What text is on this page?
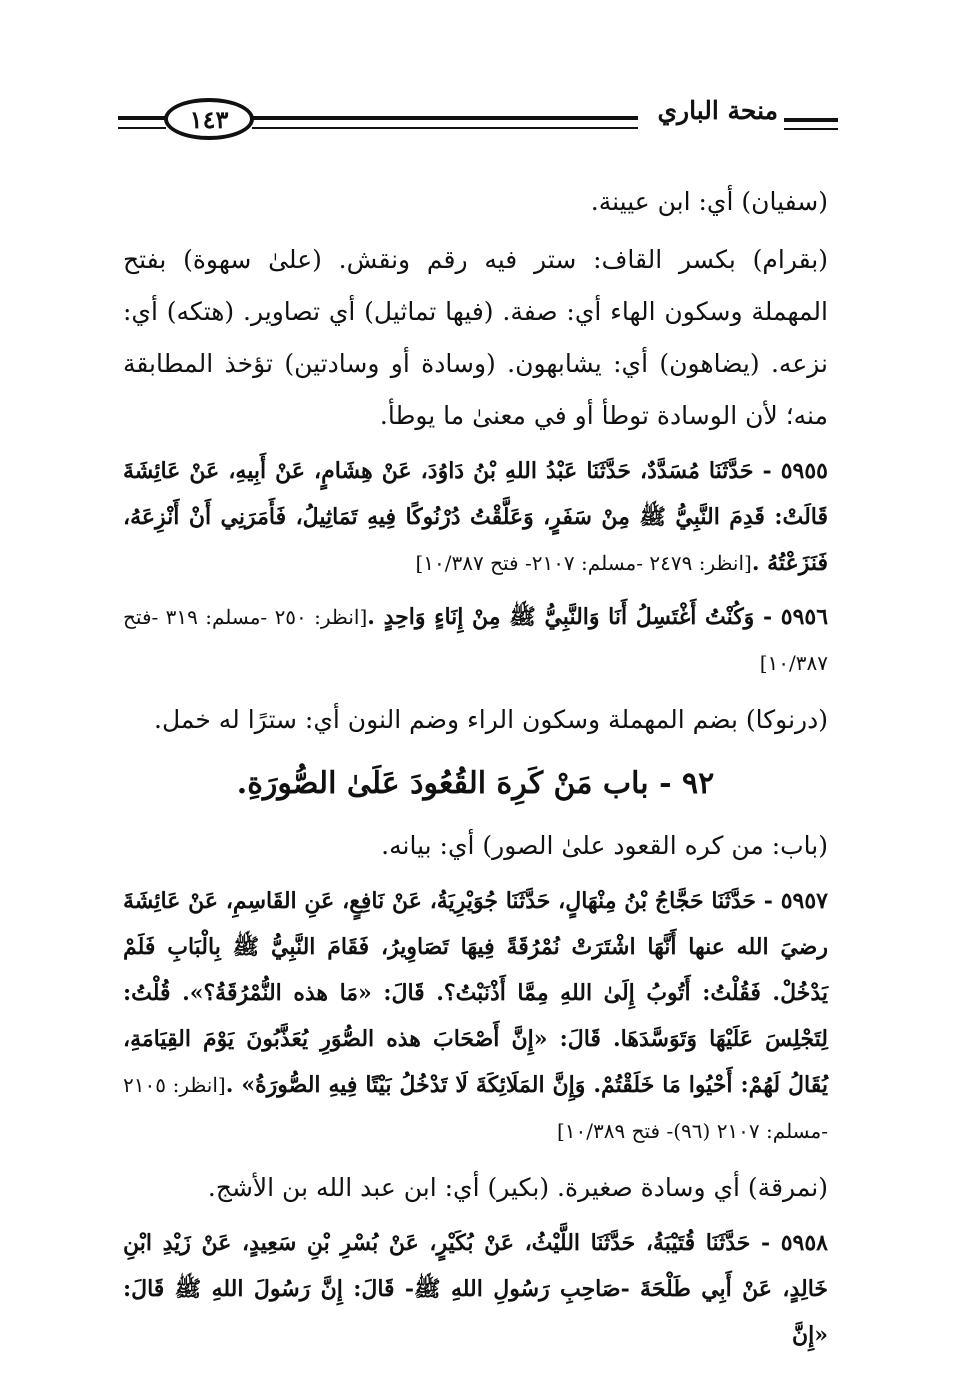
منحة الباري
١٤٣

(سفيان) أي: ابن عيينة.

(بقرام) بكسر القاف: ستر فيه رقم ونقش. (علىٰ سهوة) بفتح المهملة وسكون الهاء أي: صفة. (فيها تماثيل) أي تصاوير. (هتكه) أي: نزعه. (يضاهون) أي: يشابهون. (وسادة أو وسادتين) تؤخذ المطابقة منه؛ لأن الوسادة توطأ أو في معنىٰ ما يوطأ.

٥٩٥٥ - حَدَّثَنَا مُسَدَّدٌ، حَدَّثَنَا عَبْدُ اللهِ بْنُ دَاوُدَ، عَنْ هِشَامٍ، عَنْ أَبِيهِ، عَنْ عَائِشَةَ قَالَتْ: قَدِمَ النَّبِيُّ ﷺ مِنْ سَفَرٍ، وَعَلَّقْتُ دُرْنُوكًا فِيهِ تَمَاثِيلُ، فَأَمَرَنِي أَنْ أَنْزِعَهُ، فَنَزَعْتُهُ .[انظر: ٢٤٧٩ -مسلم: ٢١٠٧- فتح ١٠/٣٨٧]

٥٩٥٦ - وَكُنْتُ أَغْتَسِلُ أَنَا وَالنَّبِيُّ ﷺ مِنْ إِنَاءٍ وَاحِدٍ .[انظر: ٢٥٠ -مسلم: ٣١٩ -فتح ١٠/٣٨٧]

(درنوكا) بضم المهملة وسكون الراء وضم النون أي: سترًا له خمل.

٩٢ - باب مَنْ كَرِهَ القُعُودَ عَلَىٰ الصُّورَةِ.

(باب: من كره القعود علىٰ الصور) أي: بيانه.

٥٩٥٧ - حَدَّثَنَا حَجَّاجُ بْنُ مِنْهَالٍ، حَدَّثَنَا جُوَيْرِيَةُ، عَنْ نَافِعٍ، عَنِ القَاسِمِ، عَنْ عَائِشَةَ رضيَ الله عنها أَنَّهَا اشْتَرَتْ نُمْرُقَةً فِيهَا تَصَاوِيرُ، فَقَامَ النَّبِيُّ ﷺ بِالْبَابِ فَلَمْ يَدْخُلْ. فَقُلْتُ: أَتُوبُ إِلَىٰ اللهِ مِمَّا أَذْنَبْتُ؟. قَالَ: «مَا هذه النُّمْرُقَةُ؟». قُلْتُ: لِتَجْلِسَ عَلَيْهَا وَتَوَسَّدَهَا. قَالَ: «إِنَّ أَصْحَابَ هذه الصُّوَرِ يُعَذَّبُونَ يَوْمَ القِيَامَةِ، يُقَالُ لَهُمْ: أَحْيُوا مَا خَلَقْتُمْ. وَإِنَّ المَلَائِكَةَ لَا تَدْخُلُ بَيْتًا فِيهِ الصُّورَةُ» .[انظر: ٢١٠٥ -مسلم: ٢١٠٧ (٩٦)- فتح ١٠/٣٨٩]

(نمرقة) أي وسادة صغيرة. (بكير) أي: ابن عبد الله بن الأشج.

٥٩٥٨ - حَدَّثَنَا قُتَيْبَةُ، حَدَّثَنَا اللَّيْثُ، عَنْ بُكَيْرٍ، عَنْ بُسْرِ بْنِ سَعِيدٍ، عَنْ زَيْدِ ابْنِ خَالِدٍ، عَنْ أَبِي طَلْحَةَ -صَاحِبِ رَسُولِ اللهِ ﷺ- قَالَ: إِنَّ رَسُولَ اللهِ ﷺ قَالَ: «إِنَّ
